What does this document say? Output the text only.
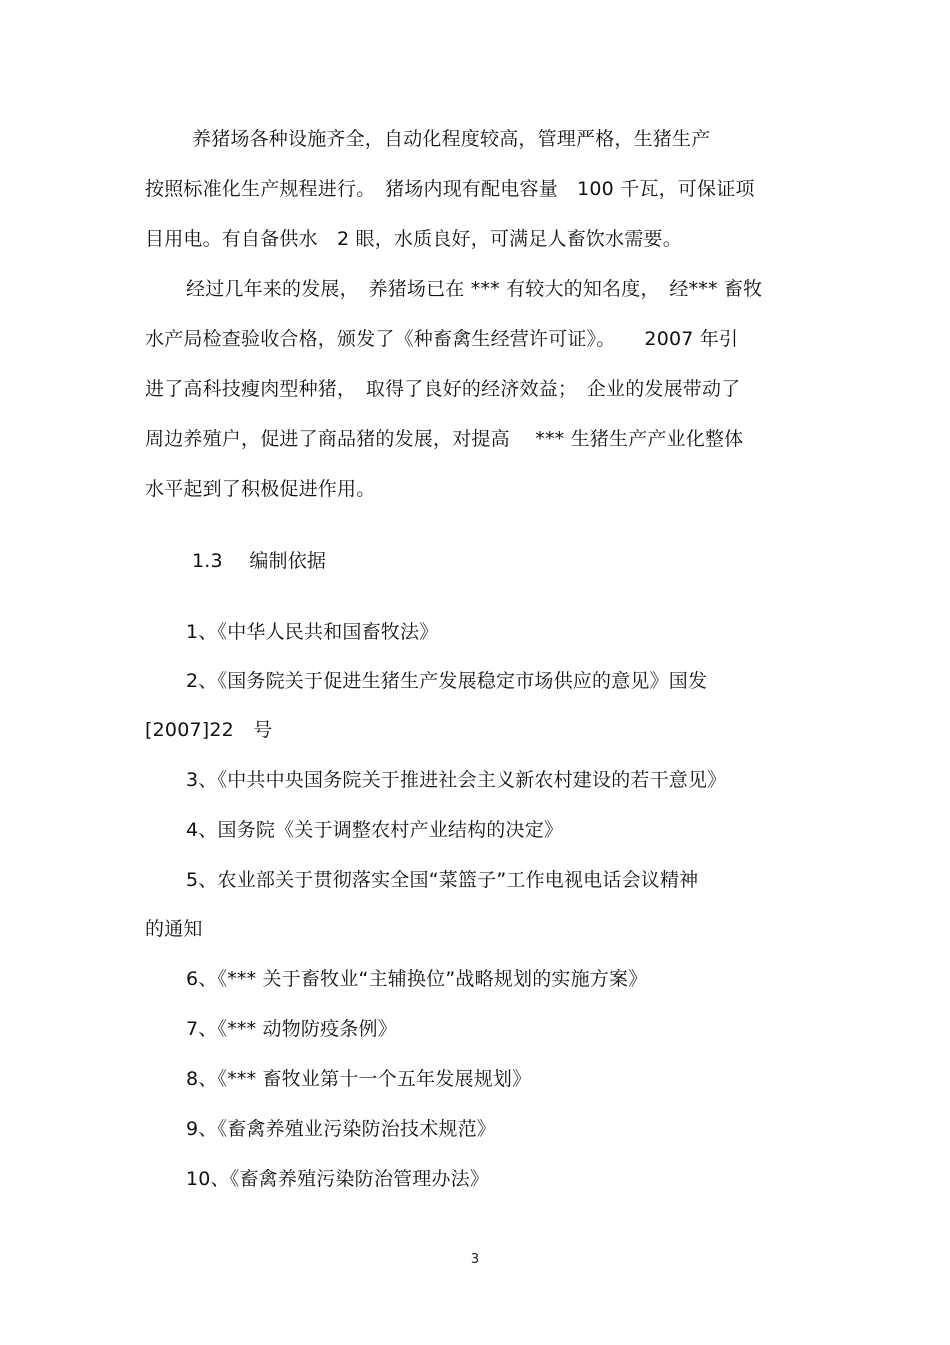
养猪场各种设施齐全，自动化程度较高，管理严格，生猪生产
按照标准化生产规程进行。　猪场内现有配电容量　100 千瓦，可保证项
目用电。有自备供水　2 眼，水质良好，可满足人畜饮水需要。
经过几年来的发展，　养猪场已在 *** 有较大的知名度，　经*** 畜牧
水产局检查验收合格，颁发了《种畜禽生经营许可证》。　　2007 年引
进了高科技瘦肉型种猪，　取得了良好的经济效益；　企业的发展带动了
周边养殖户，促进了商品猪的发展，对提高　 *** 生猪生产产业化整体
水平起到了积极促进作用。
1.3 编制依据
1、《中华人民共和国畜牧法》
2、《国务院关于促进生猪生产发展稳定市场供应的意见》国发
[2007]22　号
3、《中共中央国务院关于推进社会主义新农村建设的若干意见》
4、国务院《关于调整农村产业结构的决定》
5、农业部关于贯彻落实全国“菜篮子”工作电视电话会议精神
的通知
6、《*** 关于畜牧业“主辅换位”战略规划的实施方案》
7、《*** 动物防疫条例》
8、《*** 畜牧业第十一个五年发展规划》
9、《畜禽养殖业污染防治技术规范》
10、《畜禽养殖污染防治管理办法》
3
